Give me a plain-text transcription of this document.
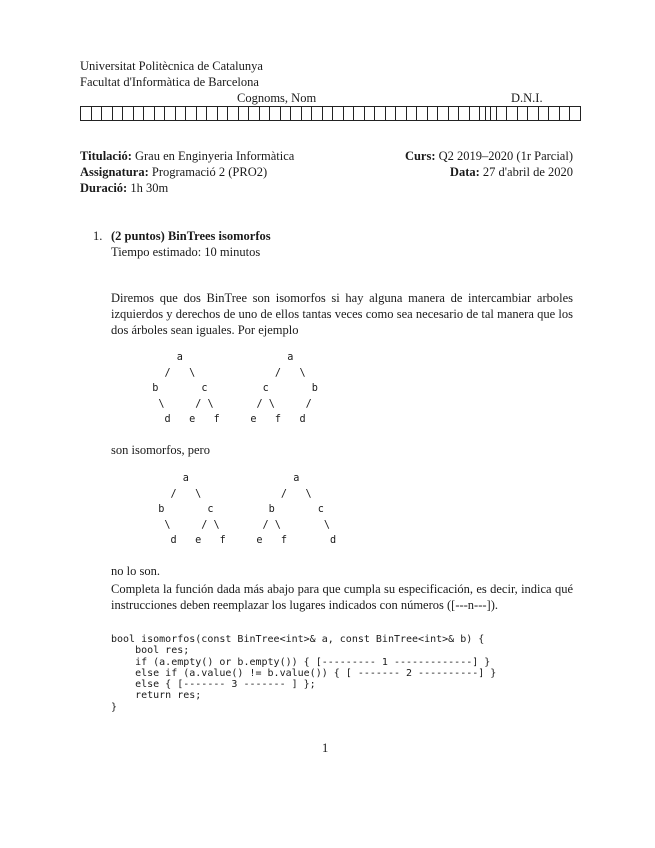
Universitat Politècnica de Catalunya
Facultat d'Informàtica de Barcelona
Cognoms, Nom	D.N.I.
Titulació: Grau en Enginyeria Informàtica	Curs: Q2 2019–2020 (1r Parcial)
Assignatura: Programació 2 (PRO2)	Data: 27 d'abril de 2020
Duració: 1h 30m
1. (2 puntos) BinTrees isomorfos
Tiempo estimado: 10 minutos
Diremos que dos BinTree son isomorfos si hay alguna manera de intercambiar arboles izquierdos y derechos de uno de ellos tantas veces como sea necesario de tal manera que los dos árboles sean iguales. Por ejemplo
a                 a
/   \             /   \
b       c         c       b
\     / \       / \     /
d   e   f     e   f   d
son isomorfos, pero
a                 a
/   \             /   \
b       c         b       c
\     / \       / \       \
d   e   f     e   f       d
no lo son.
Completa la función dada más abajo para que cumpla su especificación, es decir, indica qué instrucciones deben reemplazar los lugares indicados con números ([---n---]).
bool isomorfos(const BinTree<int>& a, const BinTree<int>& b) {
bool res;
if (a.empty() or b.empty()) { [--------- 1 -------------] }
else if (a.value() != b.value()) { [ ------- 2 ----------] }
else { [------- 3 ------- ] };
return res;
}
1
